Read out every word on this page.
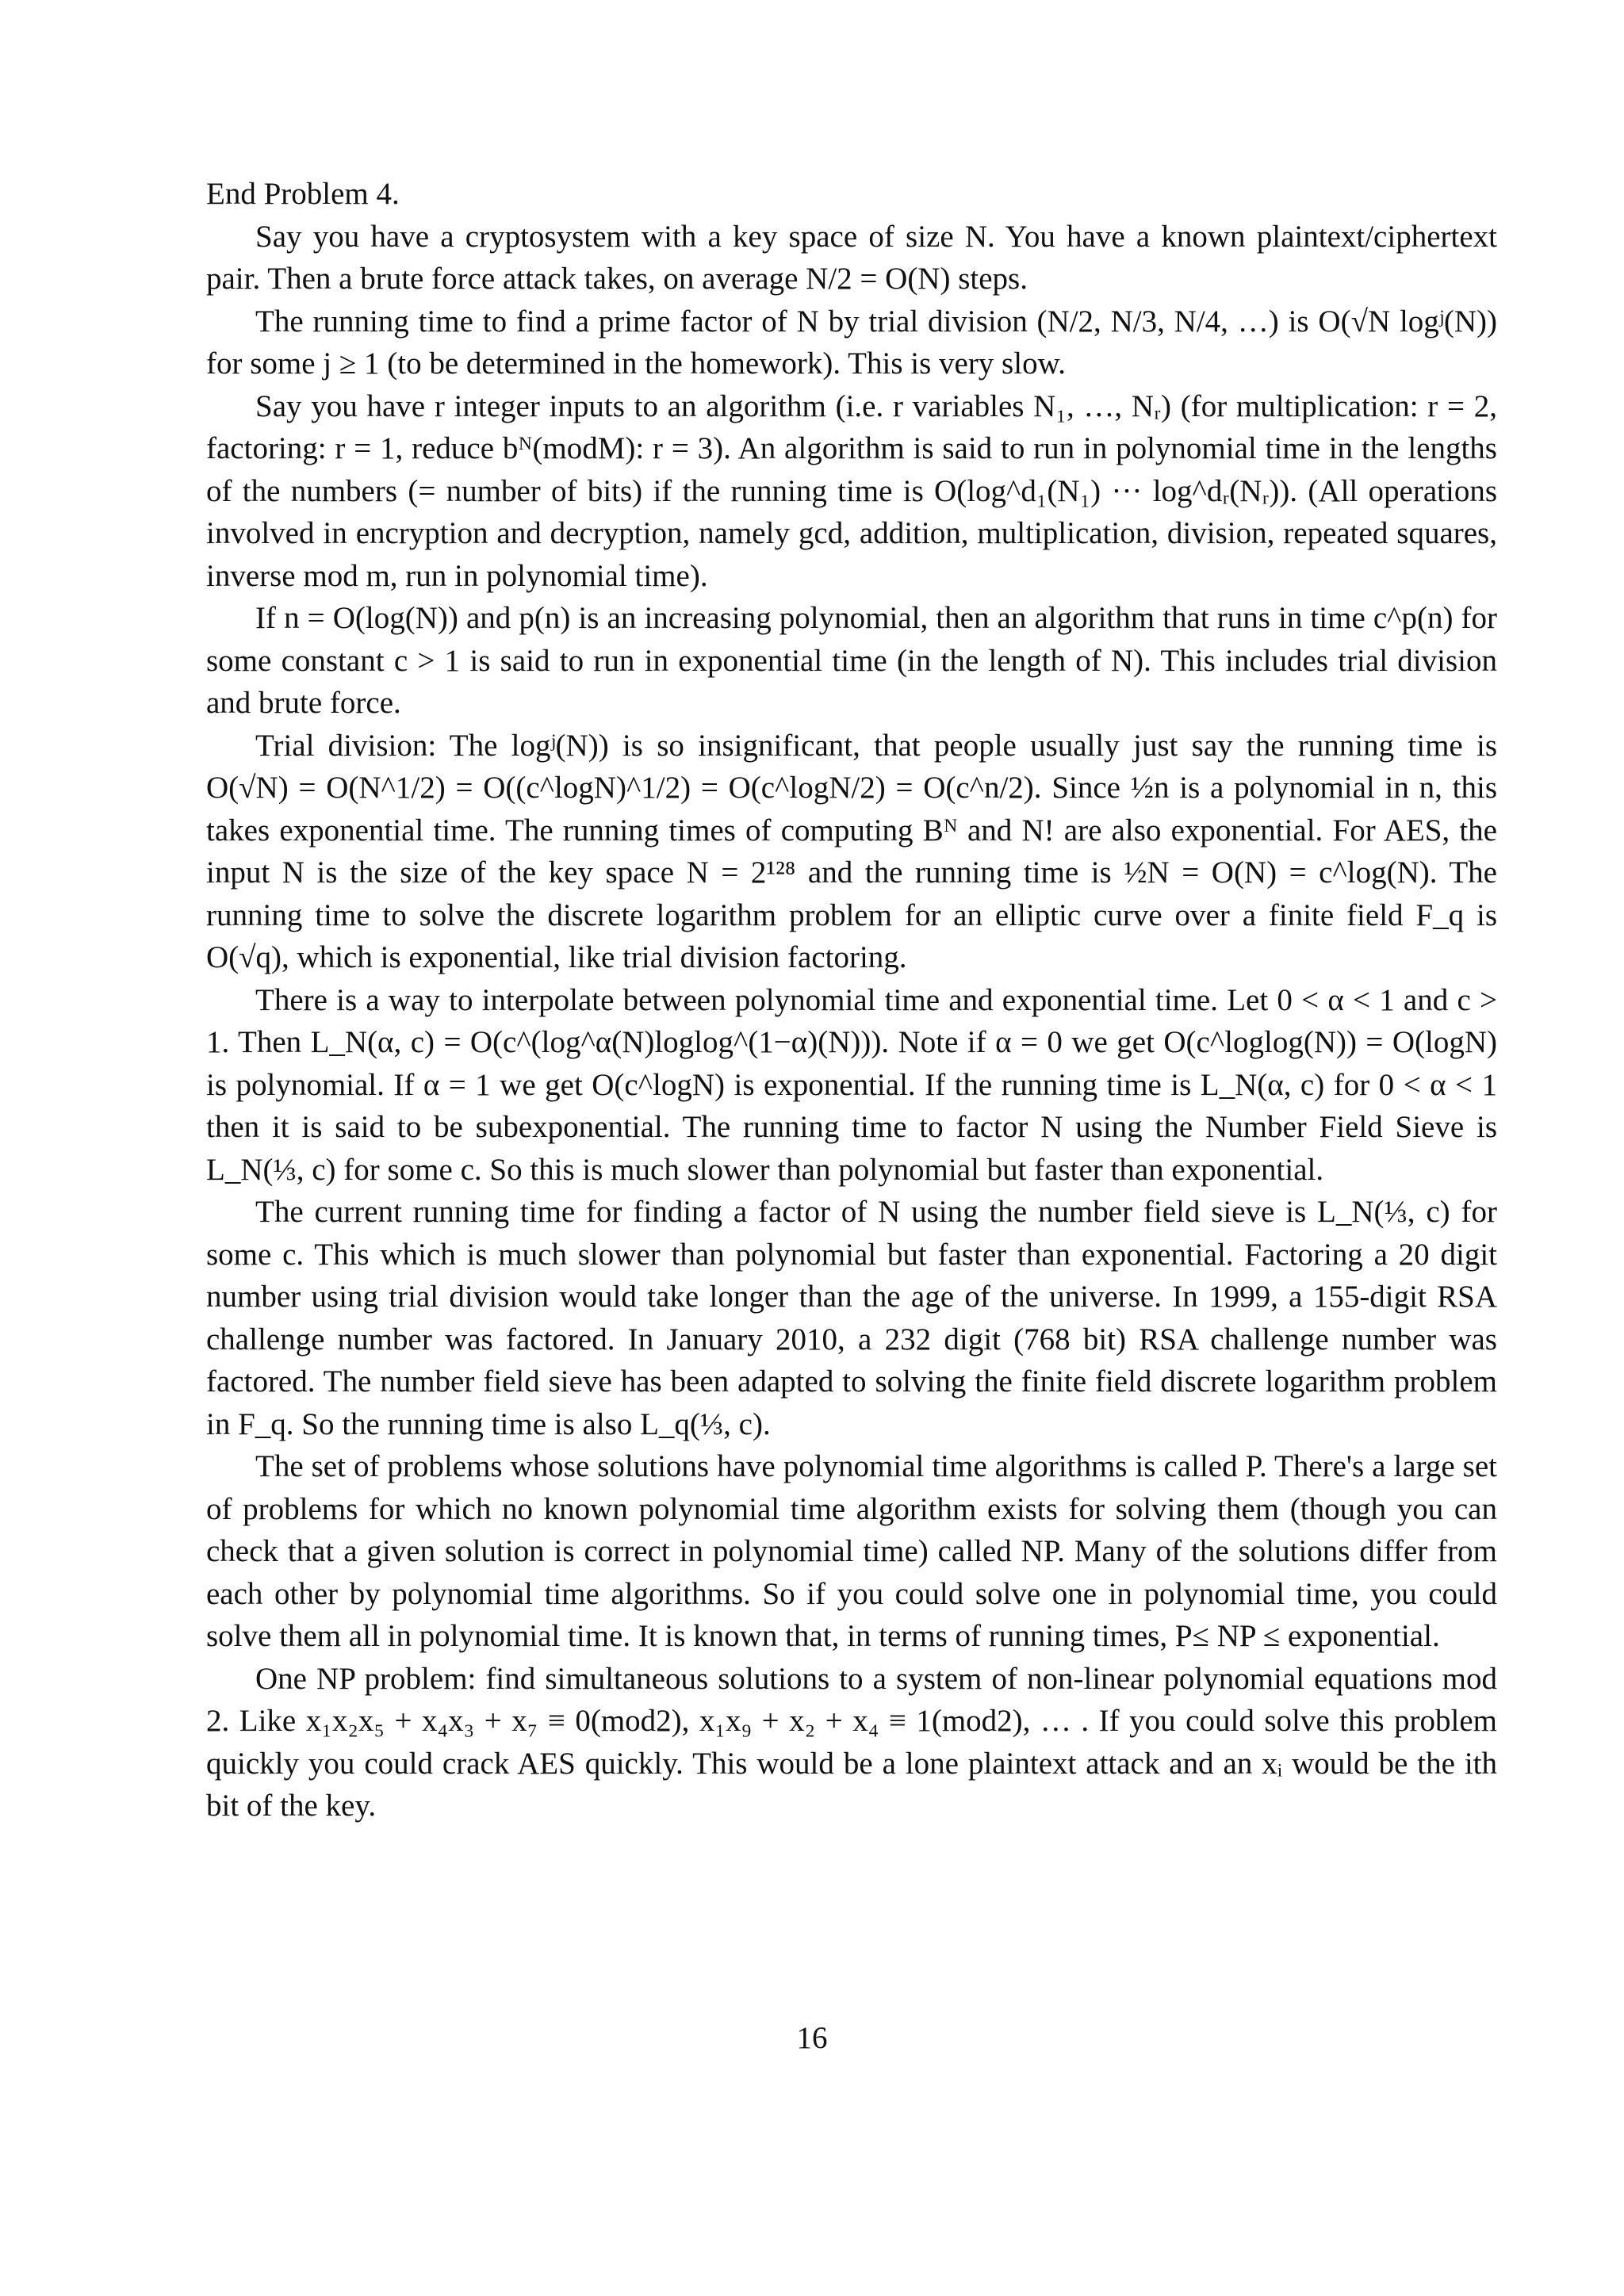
End Problem 4.

Say you have a cryptosystem with a key space of size N. You have a known plaintext/ciphertext pair. Then a brute force attack takes, on average N/2 = O(N) steps.

The running time to find a prime factor of N by trial division (N/2, N/3, N/4, …) is O(√N logʲ(N)) for some j ≥ 1 (to be determined in the homework). This is very slow.

Say you have r integer inputs to an algorithm (i.e. r variables N₁, …, Nᵣ) (for multiplication: r = 2, factoring: r = 1, reduce bᴺ(modM): r = 3). An algorithm is said to run in polynomial time in the lengths of the numbers (= number of bits) if the running time is O(log^d₁(N₁) ··· log^dᵣ(Nᵣ)). (All operations involved in encryption and decryption, namely gcd, addition, multiplication, division, repeated squares, inverse mod m, run in polynomial time).

If n = O(log(N)) and p(n) is an increasing polynomial, then an algorithm that runs in time c^p(n) for some constant c > 1 is said to run in exponential time (in the length of N). This includes trial division and brute force.

Trial division: The logʲ(N)) is so insignificant, that people usually just say the running time is O(√N) = O(N^1/2) = O((c^logN)^1/2) = O(c^logN/2) = O(c^n/2). Since ½n is a polynomial in n, this takes exponential time. The running times of computing Bᴺ and N! are also exponential. For AES, the input N is the size of the key space N = 2¹²⁸ and the running time is ½N = O(N) = c^log(N). The running time to solve the discrete logarithm problem for an elliptic curve over a finite field F_q is O(√q), which is exponential, like trial division factoring.

There is a way to interpolate between polynomial time and exponential time. Let 0 < α < 1 and c > 1. Then L_N(α, c) = O(c^(log^α(N)loglog^(1−α)(N))). Note if α = 0 we get O(c^loglog(N)) = O(logN) is polynomial. If α = 1 we get O(c^logN) is exponential. If the running time is L_N(α, c) for 0 < α < 1 then it is said to be subexponential. The running time to factor N using the Number Field Sieve is L_N(⅓, c) for some c. So this is much slower than polynomial but faster than exponential.

The current running time for finding a factor of N using the number field sieve is L_N(⅓, c) for some c. This which is much slower than polynomial but faster than exponential. Factoring a 20 digit number using trial division would take longer than the age of the universe. In 1999, a 155-digit RSA challenge number was factored. In January 2010, a 232 digit (768 bit) RSA challenge number was factored. The number field sieve has been adapted to solving the finite field discrete logarithm problem in F_q. So the running time is also L_q(⅓, c).

The set of problems whose solutions have polynomial time algorithms is called P. There's a large set of problems for which no known polynomial time algorithm exists for solving them (though you can check that a given solution is correct in polynomial time) called NP. Many of the solutions differ from each other by polynomial time algorithms. So if you could solve one in polynomial time, you could solve them all in polynomial time. It is known that, in terms of running times, P≤ NP ≤ exponential.

One NP problem: find simultaneous solutions to a system of non-linear polynomial equations mod 2. Like x₁x₂x₅ + x₄x₃ + x₇ ≡ 0(mod2), x₁x₉ + x₂ + x₄ ≡ 1(mod2), … . If you could solve this problem quickly you could crack AES quickly. This would be a lone plaintext attack and an xᵢ would be the ith bit of the key.

16
